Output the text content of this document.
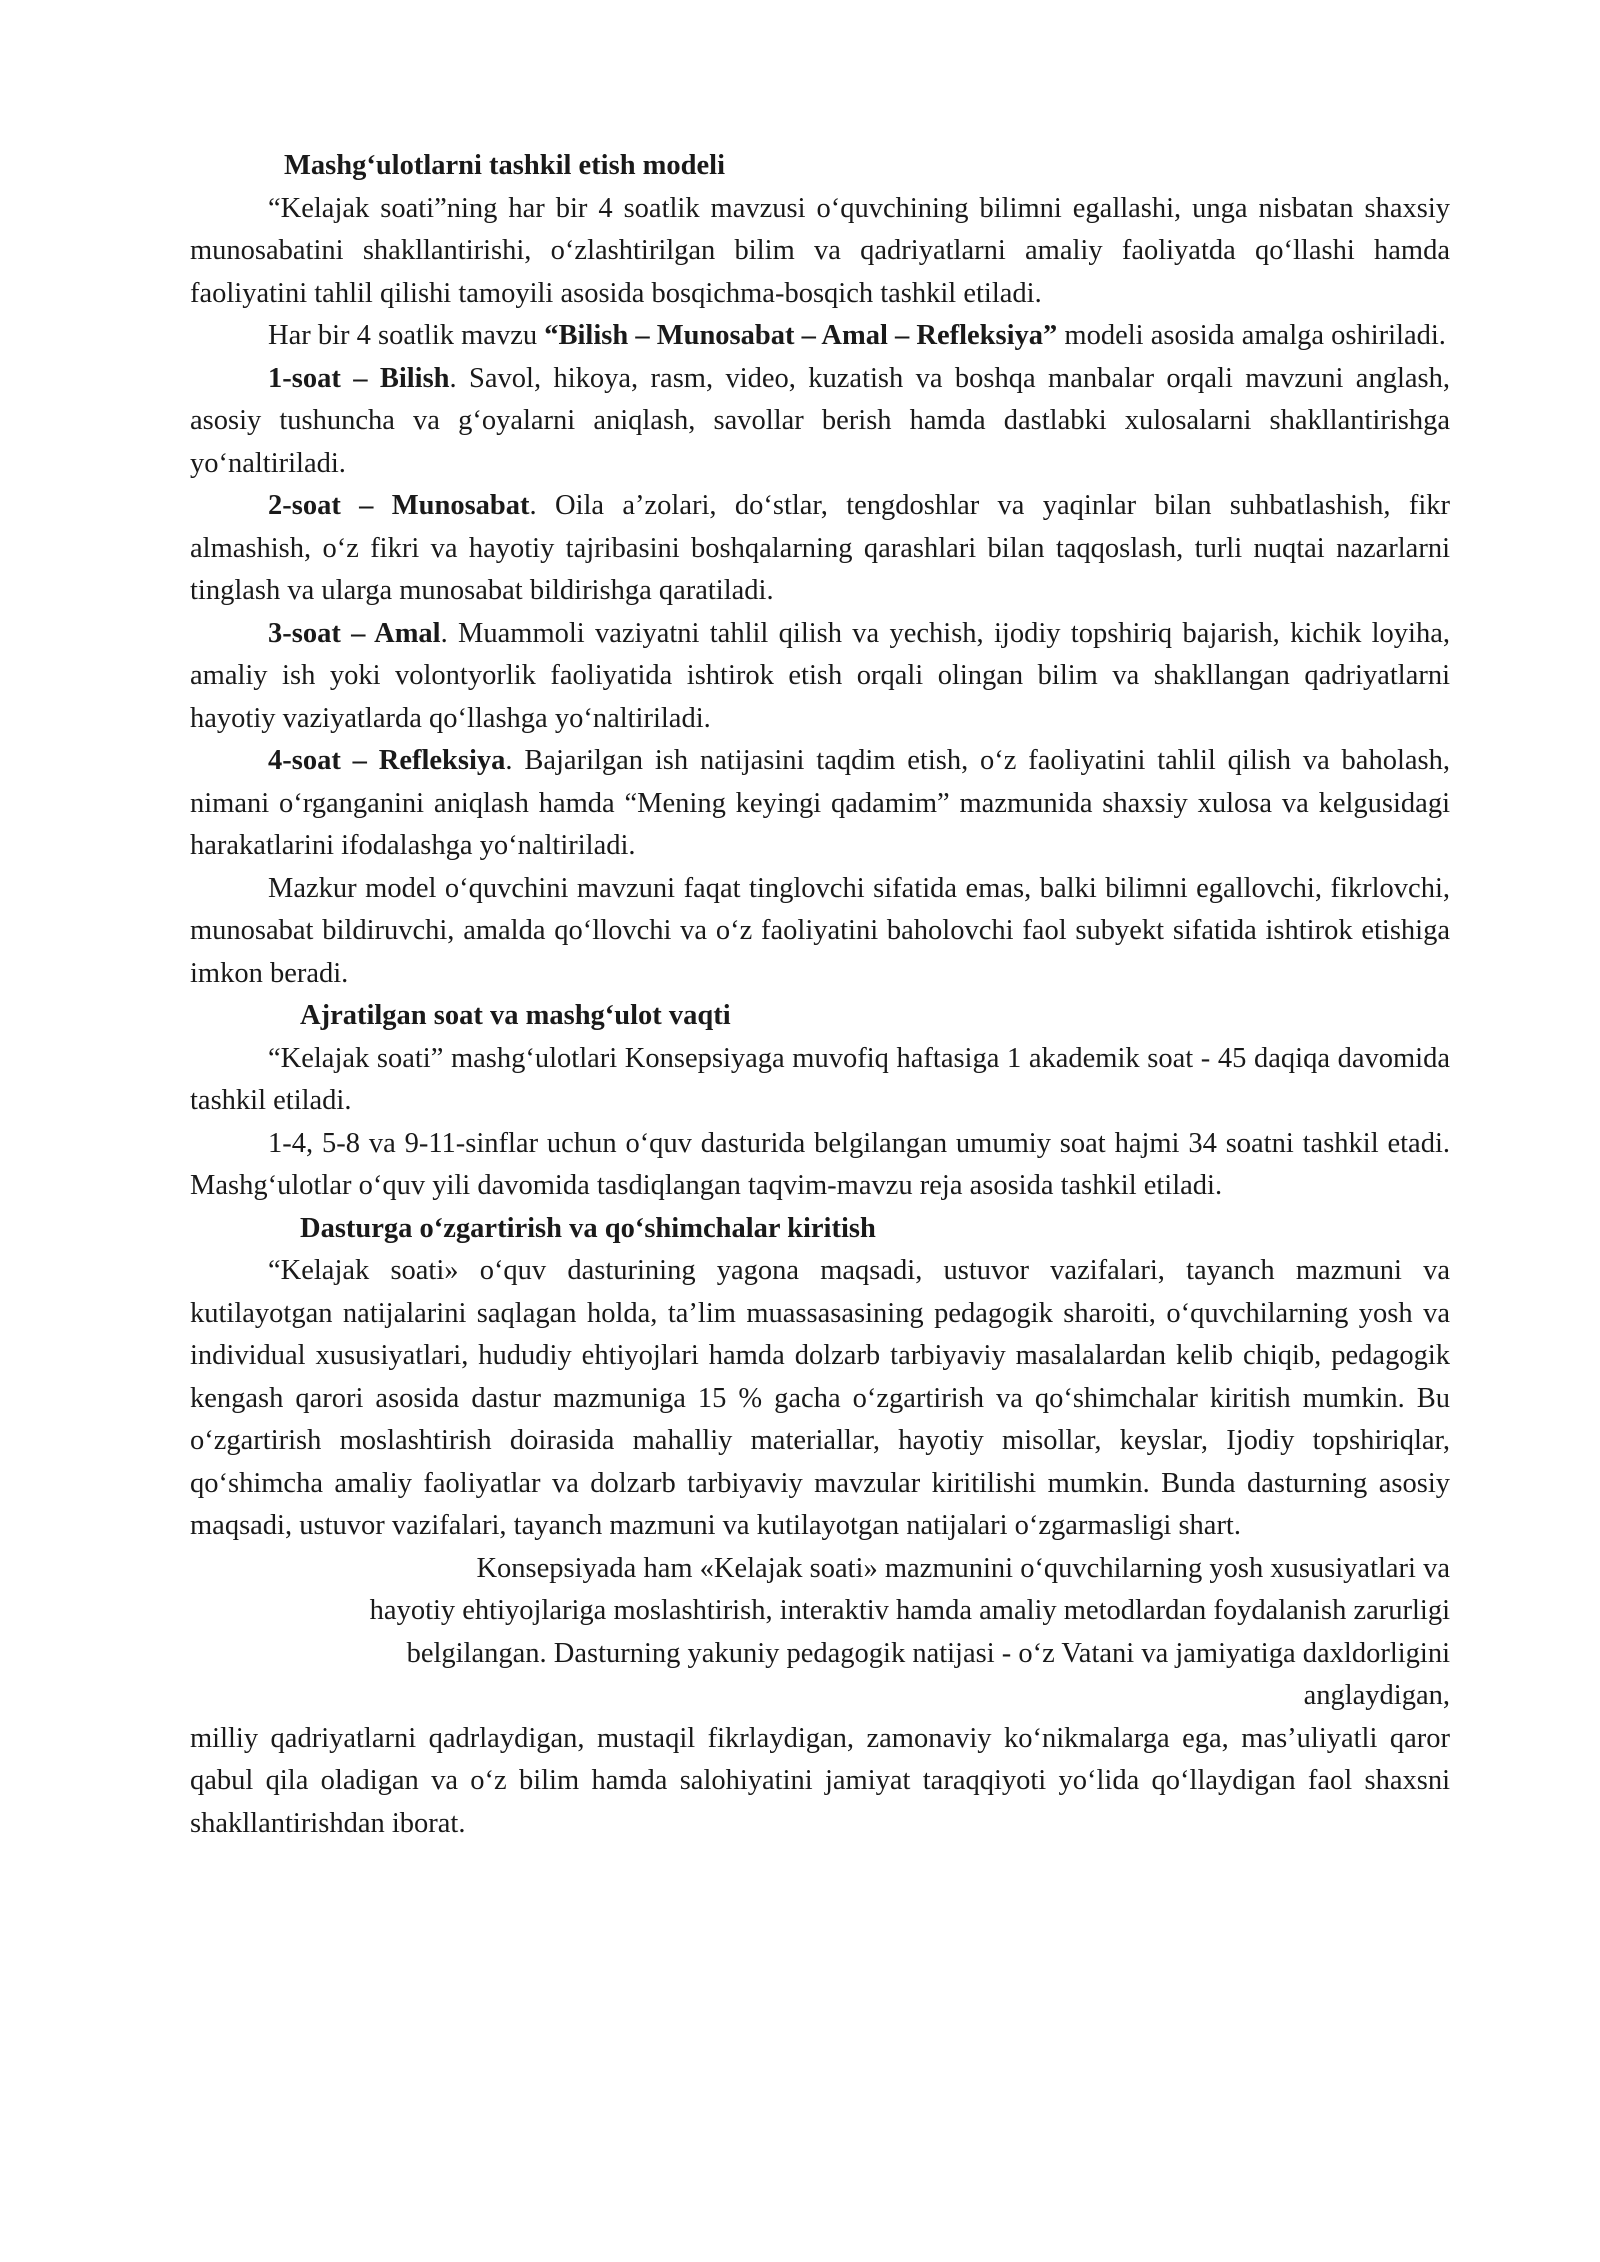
Mashg‘ulotlarni tashkil etish modeli

“Kelajak soati”ning har bir 4 soatlik mavzusi o‘quvchining bilimni egallashi, unga nisbatan shaxsiy munosabatini shakllantirishi, o‘zlashtirilgan bilim va qadriyatlarni amaliy faoliyatda qo‘llashi hamda faoliyatini tahlil qilishi tamoyili asosida bosqichma-bosqich tashkil etiladi.

Har bir 4 soatlik mavzu “Bilish – Munosabat – Amal – Refleksiya” modeli asosida amalga oshiriladi.

1-soat – Bilish. Savol, hikoya, rasm, video, kuzatish va boshqa manbalar orqali mavzuni anglash, asosiy tushuncha va g‘oyalarni aniqlash, savollar berish hamda dastlabki xulosalarni shakllantirishga yo‘naltiriladi.

2-soat – Munosabat. Oila a’zolari, do‘stlar, tengdoshlar va yaqinlar bilan suhbatlashish, fikr almashish, o‘z fikri va hayotiy tajribasini boshqalarning qarashlari bilan taqqoslash, turli nuqtai nazarlarni tinglash va ularga munosabat bildirishga qaratiladi.

3-soat – Amal. Muammoli vaziyatni tahlil qilish va yechish, ijodiy topshiriq bajarish, kichik loyiha, amaliy ish yoki volontyorlik faoliyatida ishtirok etish orqali olingan bilim va shakllangan qadriyatlarni hayotiy vaziyatlarda qo‘llashga yo‘naltiriladi.

4-soat – Refleksiya. Bajarilgan ish natijasini taqdim etish, o‘z faoliyatini tahlil qilish va baholash, nimani o‘rganganini aniqlash hamda “Mening keyingi qadamim” mazmunida shaxsiy xulosa va kelgusidagi harakatlarini ifodalashga yo‘naltiriladi.

Mazkur model o‘quvchini mavzuni faqat tinglovchi sifatida emas, balki bilimni egallovchi, fikrlovchi, munosabat bildiruvchi, amalda qo‘llovchi va o‘z faoliyatini baholovchi faol subyekt sifatida ishtirok etishiga imkon beradi.

Ajratilgan soat va mashg‘ulot vaqti

“Kelajak soati” mashg‘ulotlari Konsepsiyaga muvofiq haftasiga 1 akademik soat - 45 daqiqa davomida tashkil etiladi.

1-4, 5-8 va 9-11-sinflar uchun o‘quv dasturida belgilangan umumiy soat hajmi 34 soatni tashkil etadi. Mashg‘ulotlar o‘quv yili davomida tasdiqlangan taqvim-mavzu reja asosida tashkil etiladi.

Dasturga o‘zgartirish va qo‘shimchalar kiritish

“Kelajak soati» o‘quv dasturining yagona maqsadi, ustuvor vazifalari, tayanch mazmuni va kutilayotgan natijalarini saqlagan holda, ta’lim muassasasining pedagogik sharoiti, o‘quvchilarning yosh va individual xususiyatlari, hududiy ehtiyojlari hamda dolzarb tarbiyaviy masalalardan kelib chiqib, pedagogik kengash qarori asosida dastur mazmuniga 15 % gacha o‘zgartirish va qo‘shimchalar kiritish mumkin. Bu o‘zgartirish moslashtirish doirasida mahalliy materiallar, hayotiy misollar, keyslar, Ijodiy topshiriqlar, qo‘shimcha amaliy faoliyatlar va dolzarb tarbiyaviy mavzular kiritilishi mumkin. Bunda dasturning asosiy maqsadi, ustuvor vazifalari, tayanch mazmuni va kutilayotgan natijalari o‘zgarmasligi shart.

Konsepsiyada ham «Kelajak soati» mazmunini o‘quvchilarning yosh xususiyatlari va

hayotiy ehtiyojlariga moslashtirish, interaktiv hamda amaliy metodlardan foydalanish zarurligi

belgilangan. Dasturning yakuniy pedagogik natijasi - o‘z Vatani va jamiyatiga daxldorligini

anglaydigan,

milliy qadriyatlarni qadrlaydigan, mustaqil fikrlaydigan, zamonaviy ko‘nikmalarga ega, mas’uliyatli qaror qabul qila oladigan va o‘z bilim hamda salohiyatini jamiyat taraqqiyoti yo‘lida qo‘llaydigan faol shaxsni shakllantirishdan iborat.
